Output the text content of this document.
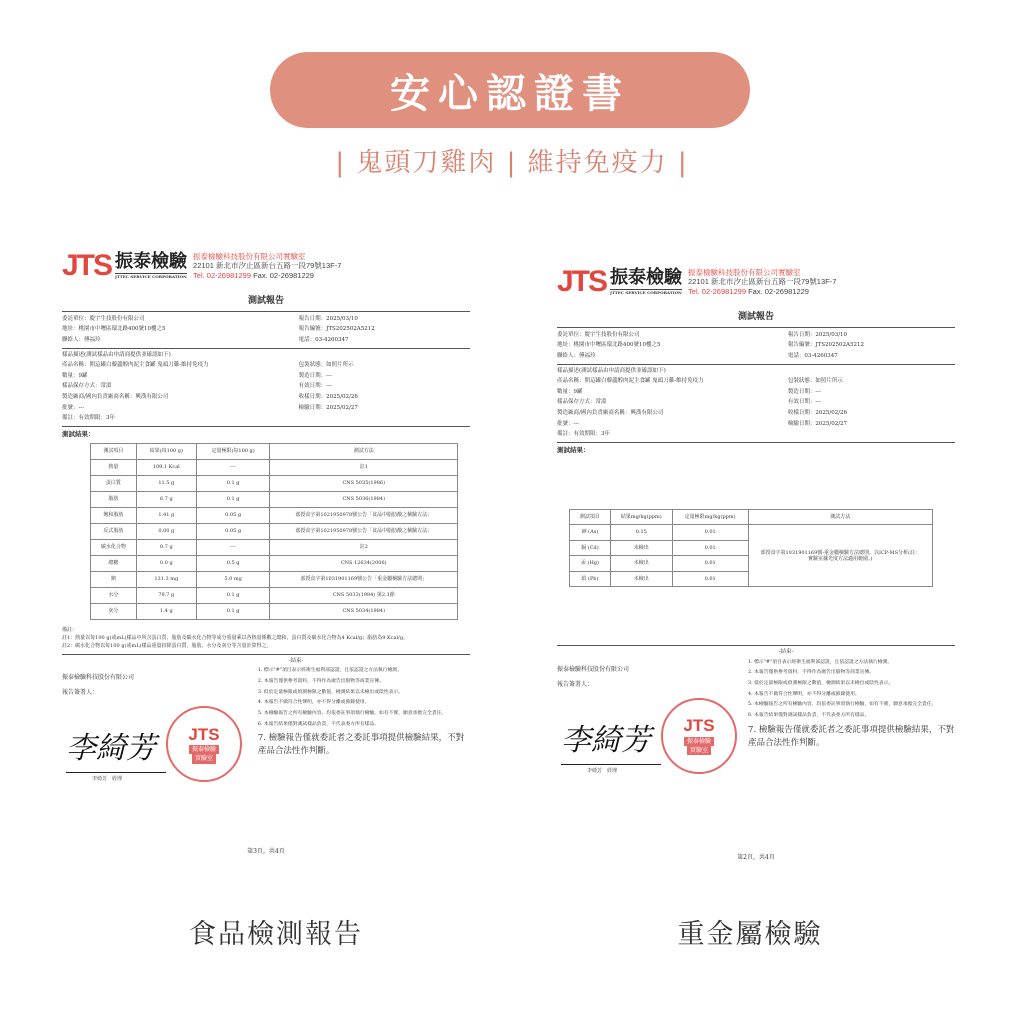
安心認證書
| 鬼頭刀雞肉 | 維持免疫力 |
JTS 振泰檢驗
JTTEC SERVICE CORPORATION
振泰檢驗科技股份有限公司實驗室
22101 新北市汐止區新台五路一段79號13F-7
Tel. 02-26981299 Fax. 02-26981229
測試報告
委託單位：慶宇生技股份有限公司	報告日期：2025/03/10
地址：桃園市中壢區環北路400號10樓之5	報告編號：JTS202502A5212
聯絡人：傅福玲	電話：03-4260347
樣品描述(測試樣品由申請商提供並確認如下)
產品名稱：開這罐白藜蘆醇肉泥主食罐 鬼頭刀雞-維持免疫力	包裝狀態：如照片所示
數量：9罐	製造日期：---
樣品保存方式：常溫	有效日期：---
製造廠商/國內負責廠商名稱：興漢有限公司	收樣日期：2025/02/26
批號：---	檢驗日期：2025/02/27
備註：有效期限：3年
測試結果：
測試項目	結果(每100 g)	定量極限(每100 g)	測試方法
熱量	109.1 Kcal	---	註1
蛋白質	11.5 g	0.1 g	CNS 5035(1986)
脂肪	6.7 g	0.1 g	CNS 5036(1984)
飽和脂肪	1.41 g	0.05 g	部授食字第1021950978號公告「食品中脂肪酸之檢驗方法」
反式脂肪	0.00 g	0.05 g	部授食字第1021950978號公告「食品中脂肪酸之檢驗方法」
碳水化合物	0.7 g	---	註2
總糖	0.0 g	0.5 g	CNS 12634(2006)
鈉	131.3 mg	5.0 mg	部授食字第1031901169號公告「重金屬檢驗方法總則」
水分	79.7 g	0.1 g	CNS 5033(1984) 第2.1節
灰分	1.4 g	0.1 g	CNS 5034(1984)
備註：
註1：熱量以每100 g(或mL)樣品中所含蛋白質、脂肪及碳水化合物等成分重量乘以各熱量係數之總和，蛋白質及碳水化合物為4 Kcal/g；脂肪為9 Kcal/g。
註2：碳水化合物以每100 g(或mL)樣品重量扣除蛋白質、脂肪、水分及灰分等含量計算得之。
-結束-
振泰檢驗科技股份有限公司
報告簽署人：
JTS
振泰檢驗
實驗室
李綺芳
李綺芳　經理
1. 標示"#"項目表示經衛生福利部認證，且依認證之方法執行檢測。
2. 本報告僅供參考資料，不得作為廣告出版物等商業宣傳。
3. 低於定量極限或偵測極限之數值，檢測結果以未檢出或陰性表示。
4. 本報告不做符合性聲明，亦不得分離或節錄使用。
5. 本檢驗報告之所有檢驗內容，均依委託事項執行檢驗，如有不實，願意承擔完全責任。
6. 本報告結果僅對測試樣品負責，不代表委方所有樣品。
7. 檢驗報告僅就委託者之委託事項提供檢驗結果，不對產品合法性作判斷。
第3頁，共4頁
JTS 振泰檢驗
JTTEC SERVICE CORPORATION
振泰檢驗科技股份有限公司實驗室
22101 新北市汐止區新台五路一段79號13F-7
Tel. 02-26981299 Fax. 02-26981229
測試報告
委託單位：慶宇生技股份有限公司	報告日期：2025/03/10
地址：桃園市中壢區環北路400號10樓之5	報告編號：JTS202502A5212
聯絡人：傅福玲	電話：03-4260347
樣品描述(測試樣品由申請商提供並確認如下)
產品名稱：開這罐白藜蘆醇肉泥主食罐 鬼頭刀雞-維持免疫力	包裝狀態：如照片所示
數量：9罐	製造日期：---
樣品保存方式：常溫	有效日期：---
製造廠商/國內負責廠商名稱：興漢有限公司	收樣日期：2025/02/26
批號：---	檢驗日期：2025/02/27
備註：有效期限：3年
測試結果：
測試項目	結果mg/kg(ppm)	定量極限mg/kg(ppm)	測試方法
砷 (As)	0.15	0.01	部授食字第1031901169號-重金屬檢驗方法總則，以ICP-MS分析(註：實驗室據光度方法適用範圍。)
鎘 (Cd)	未檢出	0.01	
汞 (Hg)	未檢出	0.01	
鉛 (Pb)	未檢出	0.01	
-結束-
振泰檢驗科技股份有限公司
報告簽署人：
JTS
振泰檢驗
實驗室
李綺芳
李綺芳　經理
1. 標示"#"項目表示經衛生福利部認證，且依認證之方法執行檢測。
2. 本報告僅供參考資料，不得作為廣告出版物等商業宣傳。
3. 低於定量極限或偵測極限之數值，檢測結果以未檢出或陰性表示。
4. 本報告不做符合性聲明，亦不得分離或節錄使用。
5. 本檢驗報告之所有檢驗內容，均依委託事項執行檢驗，如有不實，願意承擔完全責任。
6. 本報告結果僅對測試樣品負責，不代表委方所有樣品。
7. 檢驗報告僅就委託者之委託事項提供檢驗結果，不對產品合法性作判斷。
第2頁，共4頁
食品檢測報告	重金屬檢驗
